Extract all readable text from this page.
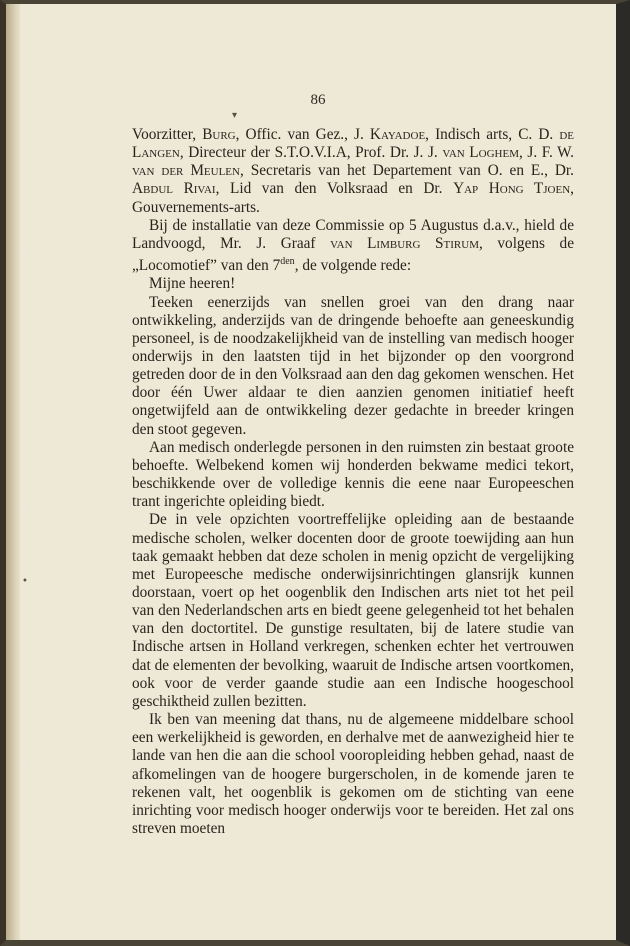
▾
•
86

Voorzitter, Burg, Offic. van Gez., J. Kayadoe, Indisch arts, C. D. de Langen, Directeur der S.T.O.V.I.A, Prof. Dr. J. J. van Loghem, J. F. W. van der Meulen, Secretaris van het Departement van O. en E., Dr. Abdul Rivai, Lid van den Volksraad en Dr. Yap Hong Tjoen, Gouvernements-arts.

Bij de installatie van deze Commissie op 5 Augustus d.a.v., hield de Landvoogd, Mr. J. Graaf van Limburg Stirum, volgens de „Locomotief” van den $7^{den}$, de volgende rede:

Mijne heeren!

Teeken eenerzijds van snellen groei van den drang naar ontwikkeling, anderzijds van de dringende behoefte aan geneeskundig personeel, is de noodzakelijkheid van de instelling van medisch hooger onderwijs in den laatsten tijd in het bijzonder op den voorgrond getreden door de in den Volksraad aan den dag gekomen wenschen. Het door één Uwer aldaar te dien aanzien genomen initiatief heeft ongetwijfeld aan de ontwikkeling dezer gedachte in breeder kringen den stoot gegeven.

Aan medisch onderlegde personen in den ruimsten zin bestaat groote behoefte. Welbekend komen wij honderden bekwame medici tekort, beschikkende over de volledige kennis die eene naar Europeeschen trant ingerichte opleiding biedt.

De in vele opzichten voortreffelijke opleiding aan de bestaande medische scholen, welker docenten door de groote toewijding aan hun taak gemaakt hebben dat deze scholen in menig opzicht de vergelijking met Europeesche medische onderwijsinrichtingen glansrijk kunnen doorstaan, voert op het oogenblik den Indischen arts niet tot het peil van den Nederlandschen arts en biedt geene gelegenheid tot het behalen van den doctortitel. De gunstige resultaten, bij de latere studie van Indische artsen in Holland verkregen, schenken echter het vertrouwen dat de elementen der bevolking, waaruit de Indische artsen voortkomen, ook voor de verder gaande studie aan een Indische hoogeschool geschiktheid zullen bezitten.

Ik ben van meening dat thans, nu de algemeene middelbare school een werkelijkheid is geworden, en derhalve met de aanwezigheid hier te lande van hen die aan die school vooropleiding hebben gehad, naast de afkomelingen van de hoogere burgerscholen, in de komende jaren te rekenen valt, het oogenblik is gekomen om de stichting van eene inrichting voor medisch hooger onderwijs voor te bereiden. Het zal ons streven moeten
